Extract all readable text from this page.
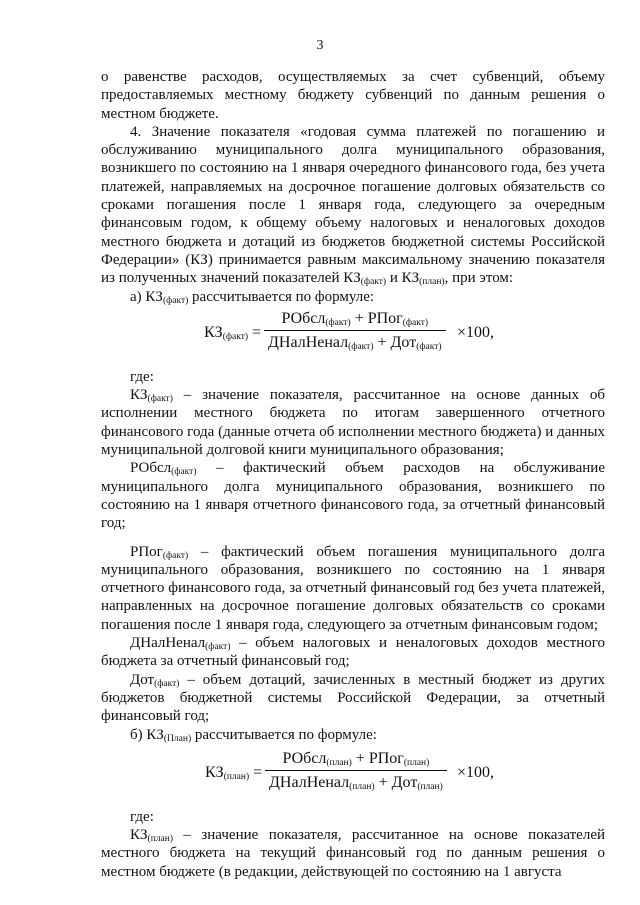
3

о равенстве расходов, осуществляемых за счет субвенций, объему предоставляемых местному бюджету субвенций по данным решения о местном бюджете.

4. Значение показателя «годовая сумма платежей по погашению и обслуживанию муниципального долга муниципального образования, возникшего по состоянию на 1 января очередного финансового года, без учета платежей, направляемых на досрочное погашение долговых обязательств со сроками погашения после 1 января года, следующего за очередным финансовым годом, к общему объему налоговых и неналоговых доходов местного бюджета и дотаций из бюджетов бюджетной системы Российской Федерации» (КЗ) принимается равным максимальному значению показателя из полученных значений показателей $КЗ_{(факт)}$ и $КЗ_{(план)}$, при этом:

а) $КЗ_{(факт)}$ рассчитывается по формуле:

$КЗ_{(факт)}$ =
РОбсл$_{(факт)}$ + РПог$_{(факт)}$
ДНалНенал$_{(факт)}$ + Дот$_{(факт)}$
×100,

где:

$КЗ_{(факт)}$ – значение показателя, рассчитанное на основе данных об исполнении местного бюджета по итогам завершенного отчетного финансового года (данные отчета об исполнении местного бюджета) и данных муниципальной долговой книги муниципального образования;

РОбсл$_{(факт)}$ – фактический объем расходов на обслуживание муниципального долга муниципального образования, возникшего по состоянию на 1 января отчетного финансового года, за отчетный финансовый год;

РПог$_{(факт)}$ – фактический объем погашения муниципального долга муниципального образования, возникшего по состоянию на 1 января отчетного финансового года, за отчетный финансовый год без учета платежей, направленных на досрочное погашение долговых обязательств со сроками погашения после 1 января года, следующего за отчетным финансовым годом;

ДНалНенал$_{(факт)}$ – объем налоговых и неналоговых доходов местного бюджета за отчетный финансовый год;

Дот$_{(факт)}$ – объем дотаций, зачисленных в местный бюджет из других бюджетов бюджетной системы Российской Федерации, за отчетный финансовый год;

б) $КЗ_{(План)}$ рассчитывается по формуле:

$КЗ_{(план)}$ =
РОбсл$_{(план)}$ + РПог$_{(план)}$
ДНалНенал$_{(план)}$ + Дот$_{(план)}$
×100,

где:

$КЗ_{(план)}$ – значение показателя, рассчитанное на основе показателей местного бюджета на текущий финансовый год по данным решения о местном бюджете (в редакции, действующей по состоянию на 1 августа
